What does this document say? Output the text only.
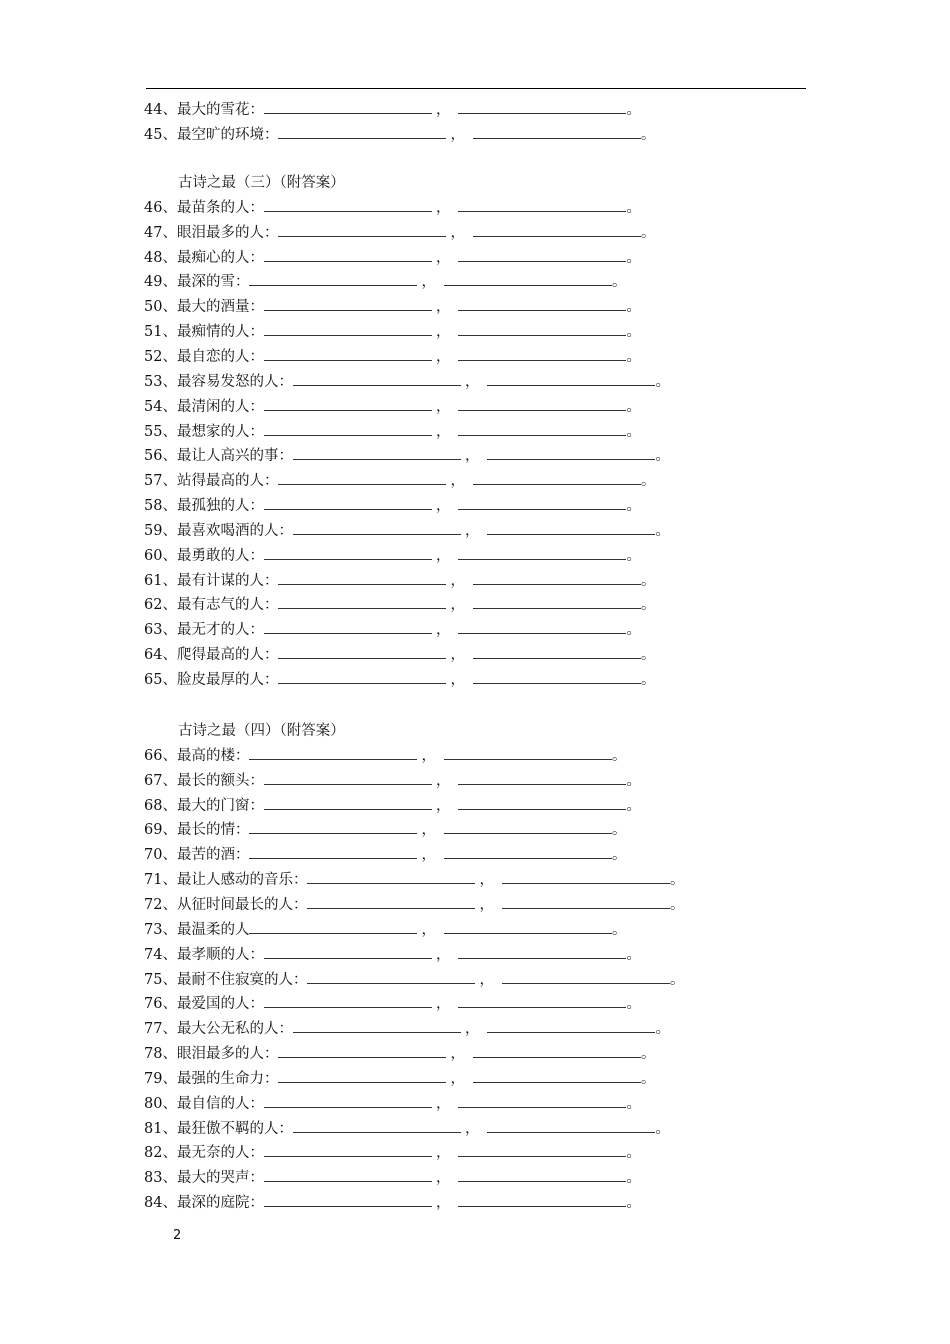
44、最大的雪花：	，	。
45、最空旷的环境：	，	。
古诗之最（三）（附答案）
46、最苗条的人：	，	。
47、眼泪最多的人：	，	。
48、最痴心的人：	，	。
49、最深的雪：	，	。
50、最大的酒量：	，	。
51、最痴情的人：	，	。
52、最自恋的人：	，	。
53、最容易发怒的人：	，	。
54、最清闲的人：	，	。
55、最想家的人：	，	。
56、最让人高兴的事：	，	。
57、站得最高的人：	，	。
58、最孤独的人：	，	。
59、最喜欢喝酒的人：	，	。
60、最勇敢的人：	，	。
61、最有计谋的人：	，	。
62、最有志气的人：	，	。
63、最无才的人：	，	。
64、爬得最高的人：	，	。
65、脸皮最厚的人：	，	。
古诗之最（四）（附答案）
66、最高的楼：	，	。
67、最长的额头：	，	。
68、最大的门窗：	，	。
69、最长的情：	，	。
70、最苦的酒：	，	。
71、最让人感动的音乐：	，	。
72、从征时间最长的人：	，	。
73、最温柔的人	，	。
74、最孝顺的人：	，	。
75、最耐不住寂寞的人：	，	。
76、最爱国的人：	，	。
77、最大公无私的人：	，	。
78、眼泪最多的人：	，	。
79、最强的生命力：	，	。
80、最自信的人：	，	。
81、最狂傲不羁的人：	，	。
82、最无奈的人：	，	。
83、最大的哭声：	，	。
84、最深的庭院：	，	。
2
